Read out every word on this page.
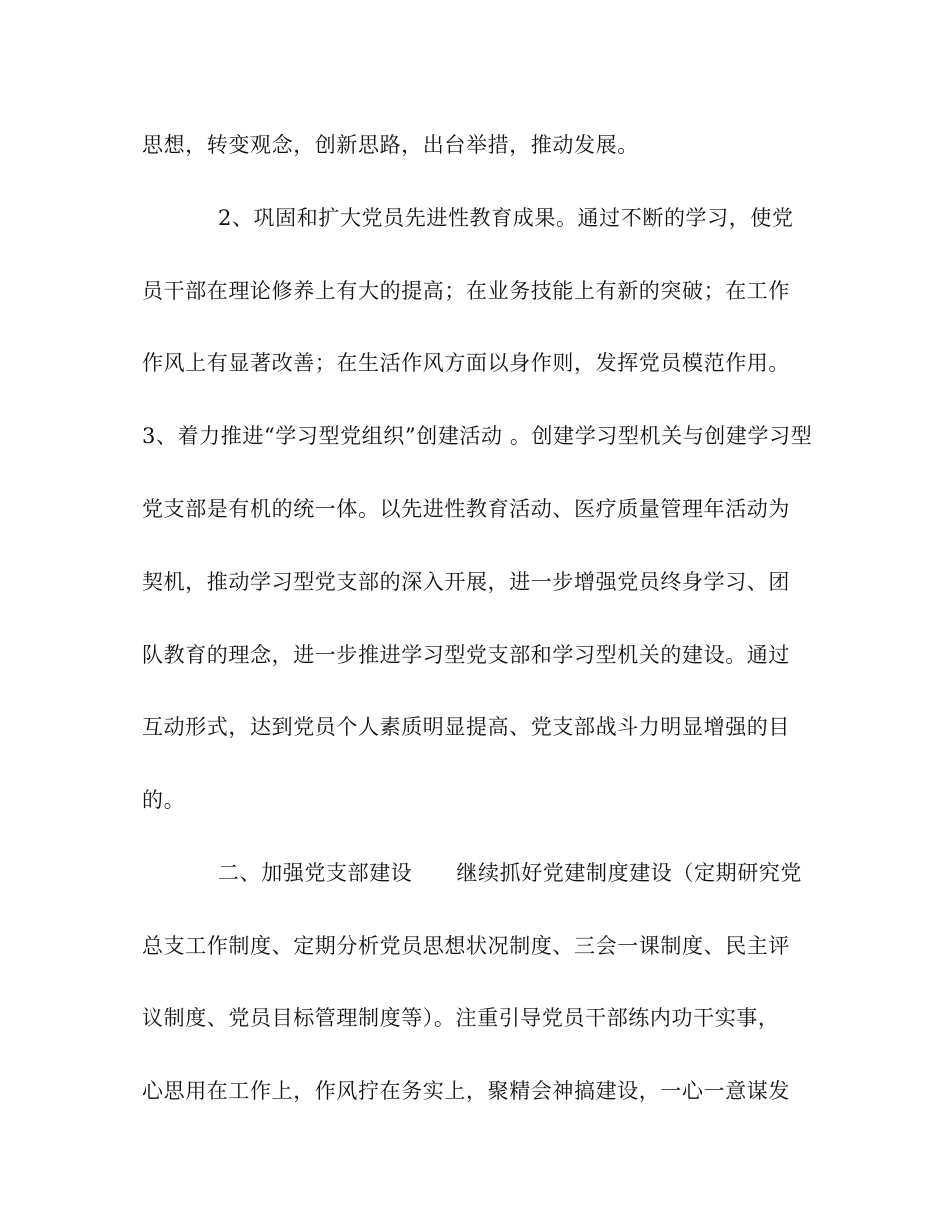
思想，转变观念，创新思路，出台举措，推动发展。
2、巩固和扩大党员先进性教育成果。通过不断的学习，使党
员干部在理论修养上有大的提高；在业务技能上有新的突破；在工作
作风上有显著改善；在生活作风方面以身作则，发挥党员模范作用。
3、着力推进“学习型党组织”创建活动 。创建学习型机关与创建学习型
党支部是有机的统一体。以先进性教育活动、医疗质量管理年活动为
契机，推动学习型党支部的深入开展，进一步增强党员终身学习、团
队教育的理念，进一步推进学习型党支部和学习型机关的建设。通过
互动形式，达到党员个人素质明显提高、党支部战斗力明显增强的目
的。
二、加强党支部建设 继续抓好党建制度建设（定期研究党
总支工作制度、定期分析党员思想状况制度、三会一课制度、民主评
议制度、党员目标管理制度等）。注重引导党员干部练内功干实事，
心思用在工作上，作风拧在务实上，聚精会神搞建设，一心一意谋发
